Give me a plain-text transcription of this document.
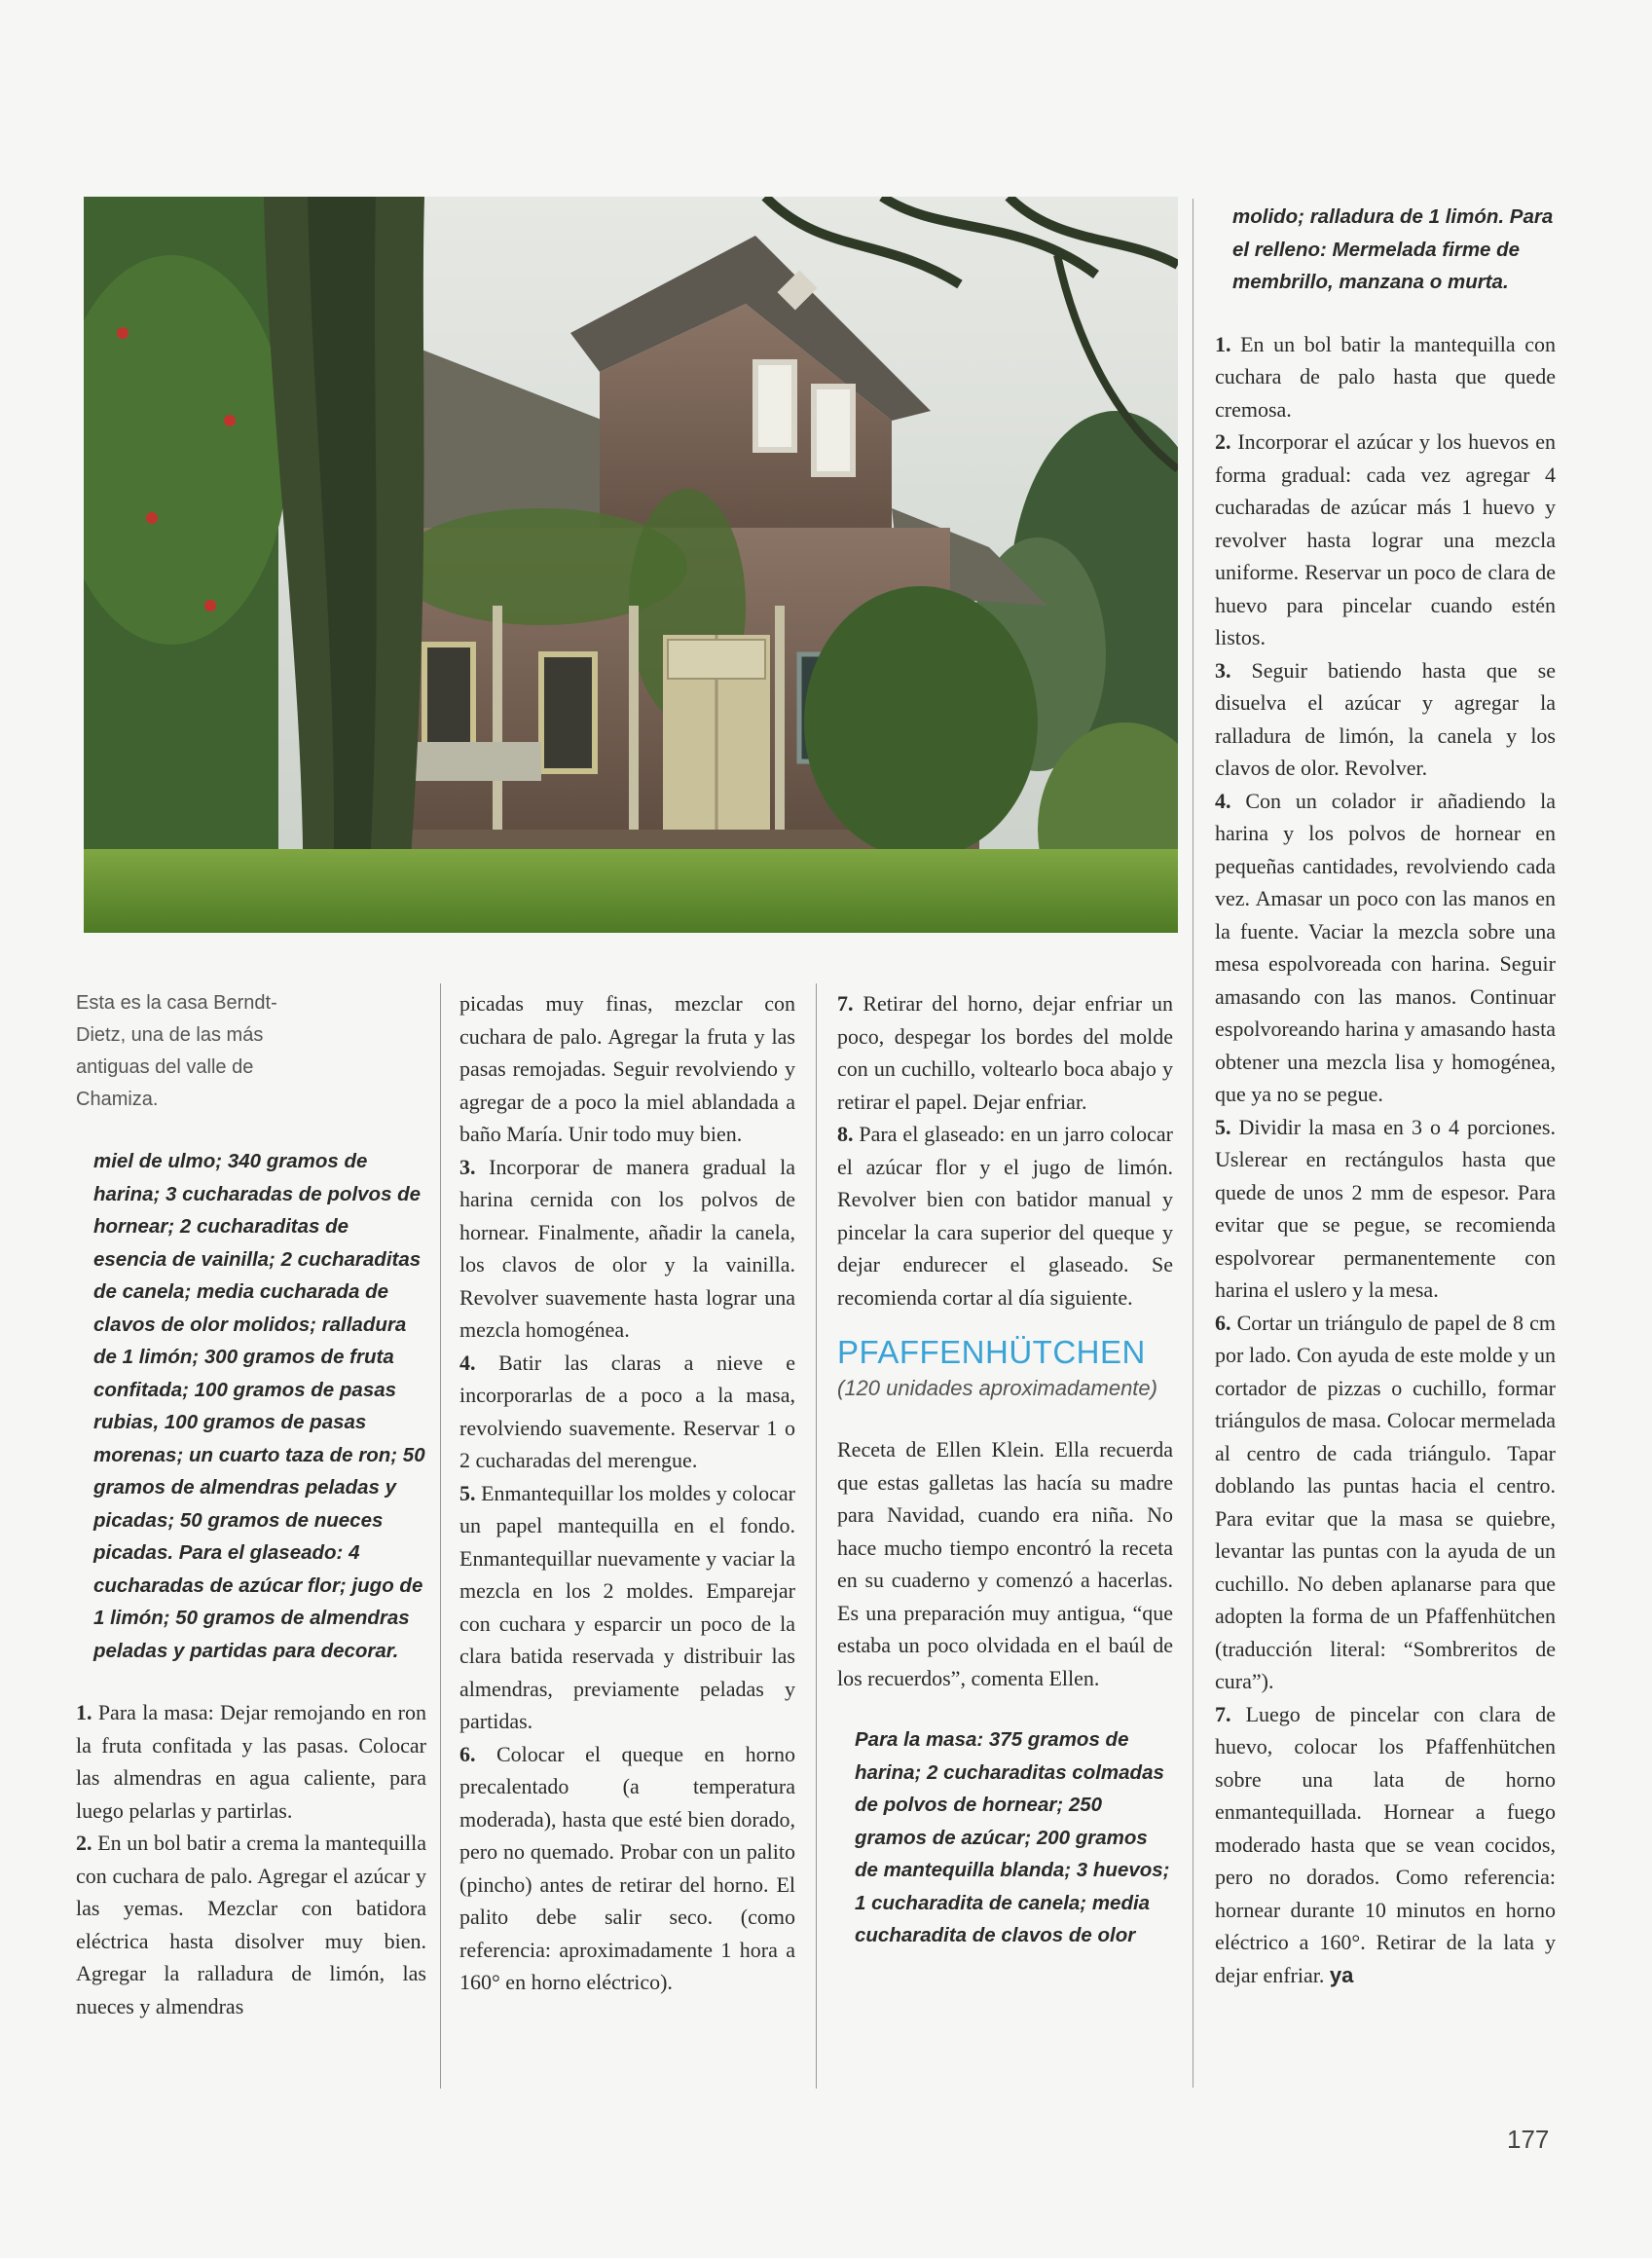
Esta es la casa Berndt-Dietz, una de las más antiguas del valle de Chamiza.

miel de ulmo; 340 gramos de harina; 3 cucharadas de polvos de hornear; 2 cucharaditas de esencia de vainilla; 2 cucharaditas de canela; media cucharada de clavos de olor molidos; ralladura de 1 limón; 300 gramos de fruta confitada; 100 gramos de pasas rubias, 100 gramos de pasas morenas; un cuarto taza de ron; 50 gramos de almendras peladas y picadas; 50 gramos de nueces picadas. Para el glaseado: 4 cucharadas de azúcar flor; jugo de 1 limón; 50 gramos de almendras peladas y partidas para decorar.

1. Para la masa: Dejar remojando en ron la fruta confitada y las pasas. Colocar las almendras en agua caliente, para luego pelarlas y partirlas.

2. En un bol batir a crema la mantequilla con cuchara de palo. Agregar el azúcar y las yemas. Mezclar con batidora eléctrica hasta disolver muy bien. Agregar la ralladura de limón, las nueces y almendras

picadas muy finas, mezclar con cuchara de palo. Agregar la fruta y las pasas remojadas. Seguir revolviendo y agregar de a poco la miel ablandada a baño María. Unir todo muy bien.

3. Incorporar de manera gradual la harina cernida con los polvos de hornear. Finalmente, añadir la canela, los clavos de olor y la vainilla. Revolver suavemente hasta lograr una mezcla homogénea.

4. Batir las claras a nieve e incorporarlas de a poco a la masa, revolviendo suavemente. Reservar 1 o 2 cucharadas del merengue.

5. Enmantequillar los moldes y colocar un papel mantequilla en el fondo. Enmantequillar nuevamente y vaciar la mezcla en los 2 moldes. Emparejar con cuchara y esparcir un poco de la clara batida reservada y distribuir las almendras, previamente peladas y partidas.

6. Colocar el queque en horno precalentado (a temperatura moderada), hasta que esté bien dorado, pero no quemado. Probar con un palito (pincho) antes de retirar del horno. El palito debe salir seco. (como referencia: aproximadamente 1 hora a 160° en horno eléctrico).

7. Retirar del horno, dejar enfriar un poco, despegar los bordes del molde con un cuchillo, voltearlo boca abajo y retirar el papel. Dejar enfriar.

8. Para el glaseado: en un jarro colocar el azúcar flor y el jugo de limón. Revolver bien con batidor manual y pincelar la cara superior del queque y dejar endurecer el glaseado. Se recomienda cortar al día siguiente.

PFAFFENHÜTCHEN

(120 unidades aproximadamente)

Receta de Ellen Klein. Ella recuerda que estas galletas las hacía su madre para Navidad, cuando era niña. No hace mucho tiempo encontró la receta en su cuaderno y comenzó a hacerlas. Es una preparación muy antigua, “que estaba un poco olvidada en el baúl de los recuerdos”, comenta Ellen.

Para la masa: 375 gramos de harina; 2 cucharaditas colmadas de polvos de hornear; 250 gramos de azúcar; 200 gramos de mantequilla blanda; 3 huevos; 1 cucharadita de canela; media cucharadita de clavos de olor

molido; ralladura de 1 limón. Para el relleno: Mermelada firme de membrillo, manzana o murta.

1. En un bol batir la mantequilla con cuchara de palo hasta que quede cremosa.

2. Incorporar el azúcar y los huevos en forma gradual: cada vez agregar 4 cucharadas de azúcar más 1 huevo y revolver hasta lograr una mezcla uniforme. Reservar un poco de clara de huevo para pincelar cuando estén listos.

3. Seguir batiendo hasta que se disuelva el azúcar y agregar la ralladura de limón, la canela y los clavos de olor. Revolver.

4. Con un colador ir añadiendo la harina y los polvos de hornear en pequeñas cantidades, revolviendo cada vez. Amasar un poco con las manos en la fuente. Vaciar la mezcla sobre una mesa espolvoreada con harina. Seguir amasando con las manos. Continuar espolvoreando harina y amasando hasta obtener una mezcla lisa y homogénea, que ya no se pegue.

5. Dividir la masa en 3 o 4 porciones. Uslerear en rectángulos hasta que quede de unos 2 mm de espesor. Para evitar que se pegue, se recomienda espolvorear permanentemente con harina el uslero y la mesa.

6. Cortar un triángulo de papel de 8 cm por lado. Con ayuda de este molde y un cortador de pizzas o cuchillo, formar triángulos de masa. Colocar mermelada al centro de cada triángulo. Tapar doblando las puntas hacia el centro. Para evitar que la masa se quiebre, levantar las puntas con la ayuda de un cuchillo. No deben aplanarse para que adopten la forma de un Pfaffenhütchen (traducción literal: “Sombreritos de cura”).

7. Luego de pincelar con clara de huevo, colocar los Pfaffenhütchen sobre una lata de horno enmantequillada. Hornear a fuego moderado hasta que se vean cocidos, pero no dorados. Como referencia: hornear durante 10 minutos en horno eléctrico a 160°. Retirar de la lata y dejar enfriar. ya

177
